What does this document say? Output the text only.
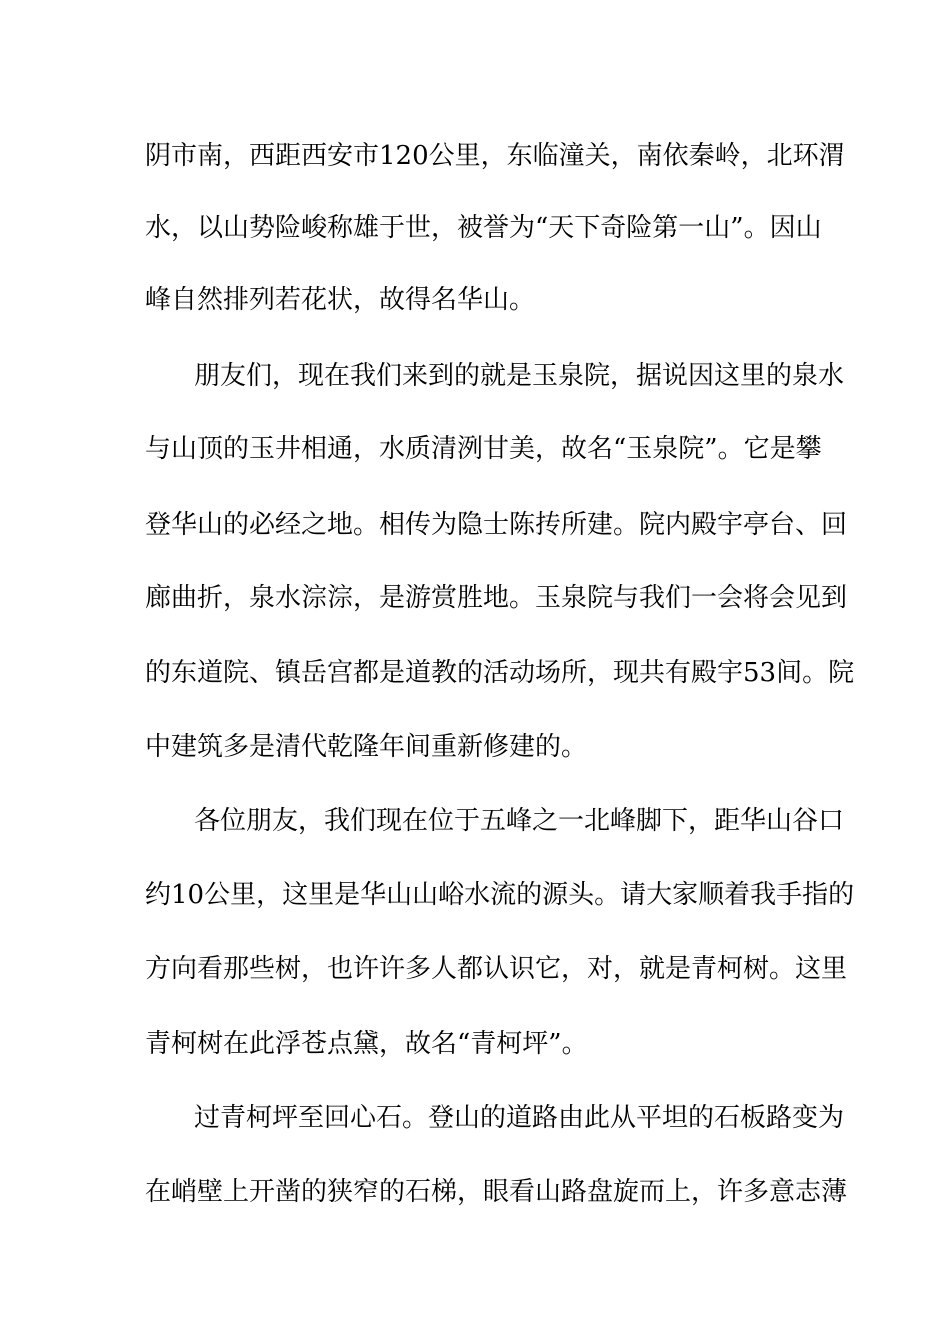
阴市南，西距西安市120公里，东临潼关，南依秦岭，北环渭
水，以山势险峻称雄于世，被誉为“天下奇险第一山”。因山
峰自然排列若花状，故得名华山。
朋友们，现在我们来到的就是玉泉院，据说因这里的泉水
与山顶的玉井相通，水质清洌甘美，故名“玉泉院”。它是攀
登华山的必经之地。相传为隐士陈抟所建。院内殿宇亭台、回
廊曲折，泉水淙淙，是游赏胜地。玉泉院与我们一会将会见到
的东道院、镇岳宫都是道教的活动场所，现共有殿宇53间。院
中建筑多是清代乾隆年间重新修建的。
各位朋友，我们现在位于五峰之一北峰脚下，距华山谷口
约10公里，这里是华山山峪水流的源头。请大家顺着我手指的
方向看那些树，也许许多人都认识它，对，就是青柯树。这里
青柯树在此浮苍点黛，故名“青柯坪”。
过青柯坪至回心石。登山的道路由此从平坦的石板路变为
在峭壁上开凿的狭窄的石梯，眼看山路盘旋而上，许多意志薄
